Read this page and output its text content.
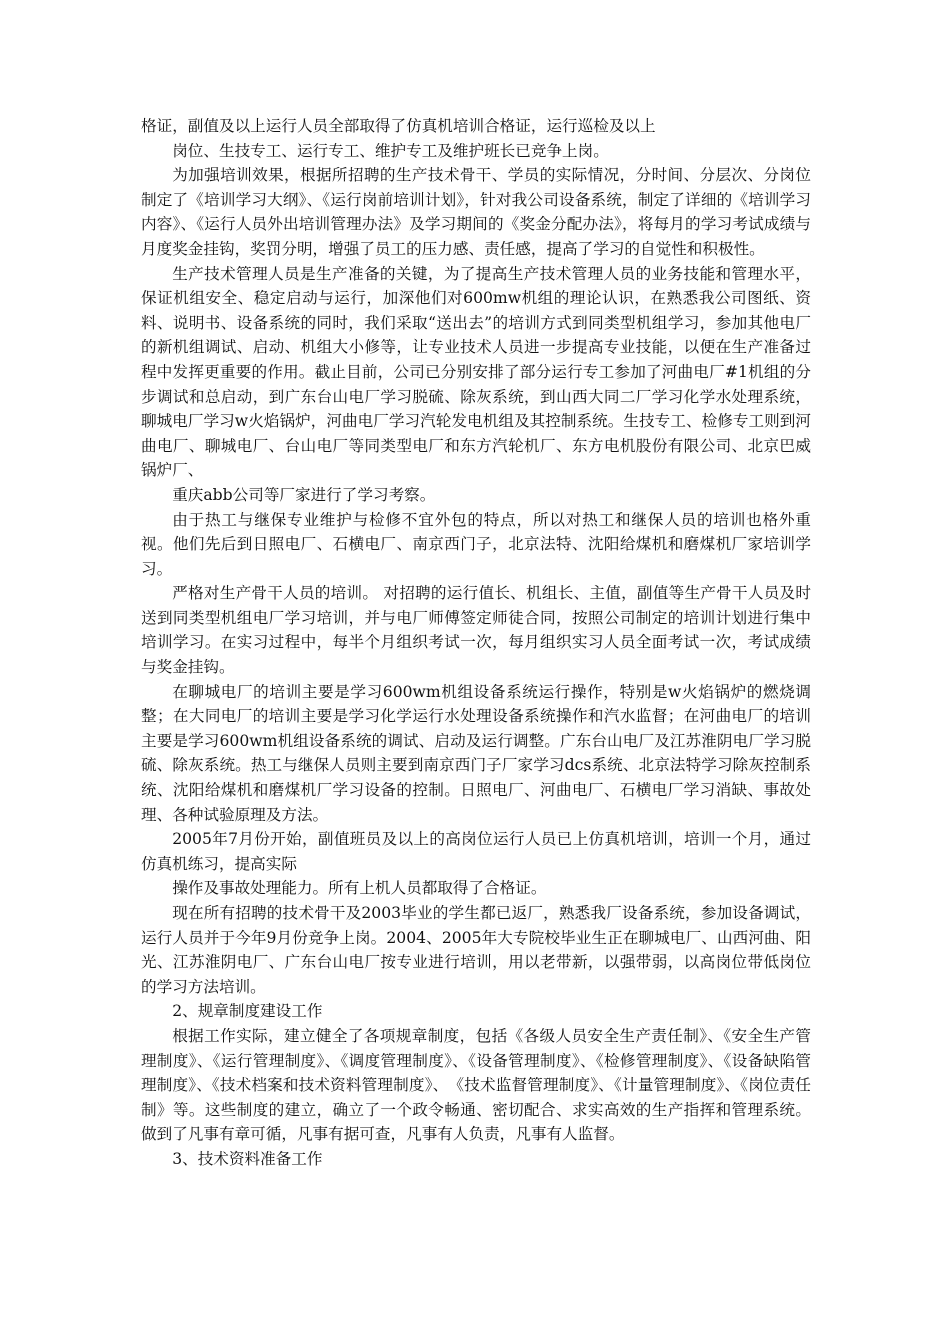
格证，副值及以上运行人员全部取得了仿真机培训合格证，运行巡检及以上

岗位、生技专工、运行专工、维护专工及维护班长已竞争上岗。

为加强培训效果，根据所招聘的生产技术骨干、学员的实际情况，分时间、分层次、分岗位制定了《培训学习大纲》、《运行岗前培训计划》，针对我公司设备系统，制定了详细的《培训学习内容》、《运行人员外出培训管理办法》及学习期间的《奖金分配办法》，将每月的学习考试成绩与月度奖金挂钩，奖罚分明，增强了员工的压力感、责任感，提高了学习的自觉性和积极性。

生产技术管理人员是生产准备的关键，为了提高生产技术管理人员的业务技能和管理水平，保证机组安全、稳定启动与运行，加深他们对600mw机组的理论认识，在熟悉我公司图纸、资料、说明书、设备系统的同时，我们采取“送出去”的培训方式到同类型机组学习，参加其他电厂的新机组调试、启动、机组大小修等，让专业技术人员进一步提高专业技能，以便在生产准备过程中发挥更重要的作用。截止目前，公司已分别安排了部分运行专工参加了河曲电厂#1机组的分步调试和总启动，到广东台山电厂学习脱硫、除灰系统，到山西大同二厂学习化学水处理系统，聊城电厂学习w火焰锅炉，河曲电厂学习汽轮发电机组及其控制系统。生技专工、检修专工则到河曲电厂、聊城电厂、台山电厂等同类型电厂和东方汽轮机厂、东方电机股份有限公司、北京巴威锅炉厂、

重庆abb公司等厂家进行了学习考察。

由于热工与继保专业维护与检修不宜外包的特点，所以对热工和继保人员的培训也格外重视。他们先后到日照电厂、石横电厂、南京西门子，北京法特、沈阳给煤机和磨煤机厂家培训学习。

严格对生产骨干人员的培训。 对招聘的运行值长、机组长、主值，副值等生产骨干人员及时送到同类型机组电厂学习培训，并与电厂师傅签定师徒合同，按照公司制定的培训计划进行集中培训学习。在实习过程中，每半个月组织考试一次，每月组织实习人员全面考试一次，考试成绩与奖金挂钩。

在聊城电厂的培训主要是学习600wm机组设备系统运行操作，特别是w火焰锅炉的燃烧调整；在大同电厂的培训主要是学习化学运行水处理设备系统操作和汽水监督；在河曲电厂的培训主要是学习600wm机组设备系统的调试、启动及运行调整。广东台山电厂及江苏淮阴电厂学习脱硫、除灰系统。热工与继保人员则主要到南京西门子厂家学习dcs系统、北京法特学习除灰控制系统、沈阳给煤机和磨煤机厂学习设备的控制。日照电厂、河曲电厂、石横电厂学习消缺、事故处理、各种试验原理及方法。

2005年7月份开始，副值班员及以上的高岗位运行人员已上仿真机培训，培训一个月，通过仿真机练习，提高实际

操作及事故处理能力。所有上机人员都取得了合格证。

现在所有招聘的技术骨干及2003毕业的学生都已返厂，熟悉我厂设备系统，参加设备调试，运行人员并于今年9月份竞争上岗。2004、2005年大专院校毕业生正在聊城电厂、山西河曲、阳光、江苏淮阴电厂、广东台山电厂按专业进行培训，用以老带新，以强带弱，以高岗位带低岗位的学习方法培训。

2、规章制度建设工作

根据工作实际，建立健全了各项规章制度，包括《各级人员安全生产责任制》、《安全生产管理制度》、《运行管理制度》、《调度管理制度》、《设备管理制度》、《检修管理制度》、《设备缺陷管理制度》、《技术档案和技术资料管理制度》、　《技术监督管理制度》、《计量管理制度》、《岗位责任制》等。这些制度的建立，确立了一个政令畅通、密切配合、求实高效的生产指挥和管理系统。做到了凡事有章可循，凡事有据可查，凡事有人负责，凡事有人监督。

3、技术资料准备工作
